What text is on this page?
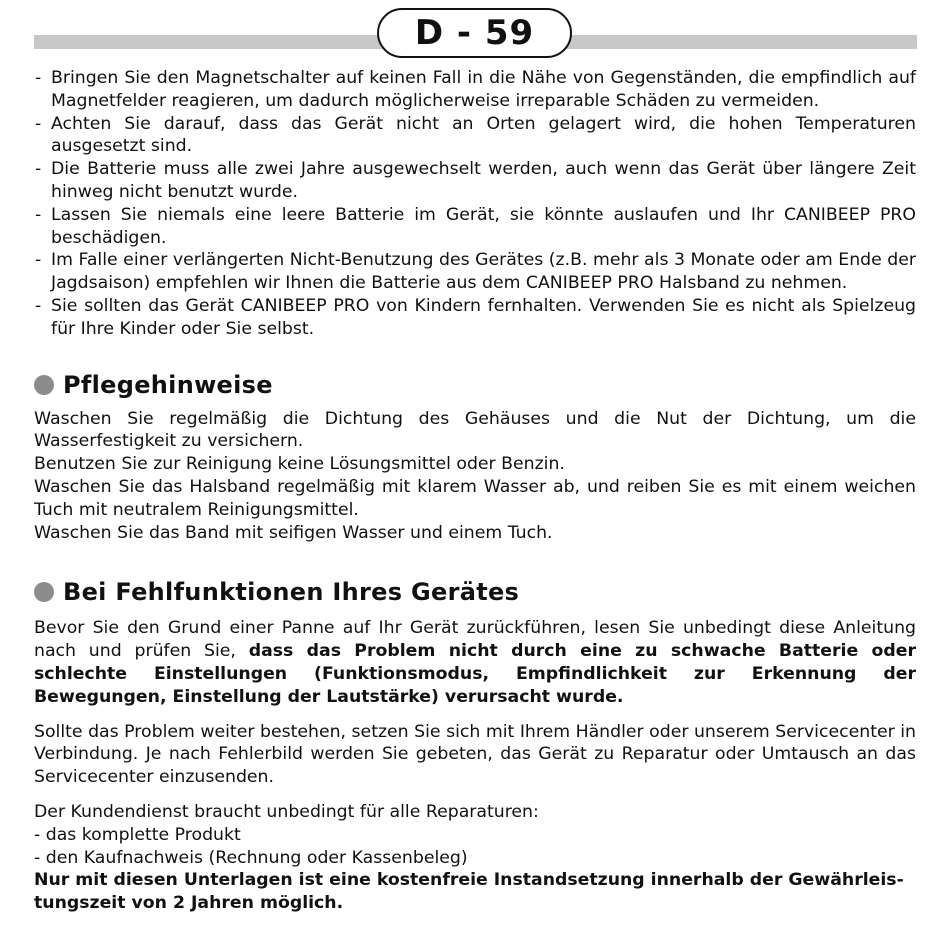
D - 59
- Bringen Sie den Magnetschalter auf keinen Fall in die Nähe von Gegenständen, die empfindlich auf Magnetfelder reagieren, um dadurch möglicherweise irreparable Schäden zu vermeiden.
- Achten Sie darauf, dass das Gerät nicht an Orten gelagert wird, die hohen Temperaturen ausgesetzt sind.
- Die Batterie muss alle zwei Jahre ausgewechselt werden, auch wenn das Gerät über längere Zeit hinweg nicht benutzt wurde.
- Lassen Sie niemals eine leere Batterie im Gerät, sie könnte auslaufen und Ihr CANIBEEP PRO beschädigen.
- Im Falle einer verlängerten Nicht-Benutzung des Gerätes (z.B. mehr als 3 Monate oder am Ende der Jagdsaison) empfehlen wir Ihnen die Batterie aus dem CANIBEEP PRO Halsband zu nehmen.
- Sie sollten das Gerät CANIBEEP PRO von Kindern fernhalten. Verwenden Sie es nicht als Spielzeug für Ihre Kinder oder Sie selbst.
Pflegehinweise

Waschen Sie regelmäßig die Dichtung des Gehäuses und die Nut der Dichtung, um die Wasserfestigkeit zu versichern.

Benutzen Sie zur Reinigung keine Lösungsmittel oder Benzin.

Waschen Sie das Halsband regelmäßig mit klarem Wasser ab, und reiben Sie es mit einem weichen Tuch mit neutralem Reinigungsmittel.

Waschen Sie das Band mit seifigen Wasser und einem Tuch.

Bei Fehlfunktionen Ihres Gerätes

Bevor Sie den Grund einer Panne auf Ihr Gerät zurückführen, lesen Sie unbedingt diese Anleitung nach und prüfen Sie, dass das Problem nicht durch eine zu schwache Batterie oder schlechte Einstellungen (Funktionsmodus, Empfindlichkeit zur Erkennung der Bewegungen, Einstellung der Lautstärke) verursacht wurde.

Sollte das Problem weiter bestehen, setzen Sie sich mit Ihrem Händler oder unserem Servicecenter in Verbindung. Je nach Fehlerbild werden Sie gebeten, das Gerät zu Reparatur oder Umtausch an das Servicecenter einzusenden.

Der Kundendienst braucht unbedingt für alle Reparaturen:

- das komplette Produkt

- den Kaufnachweis (Rechnung oder Kassenbeleg)

Nur mit diesen Unterlagen ist eine kostenfreie Instandsetzung innerhalb der Gewährleis-tungszeit von 2 Jahren möglich.
